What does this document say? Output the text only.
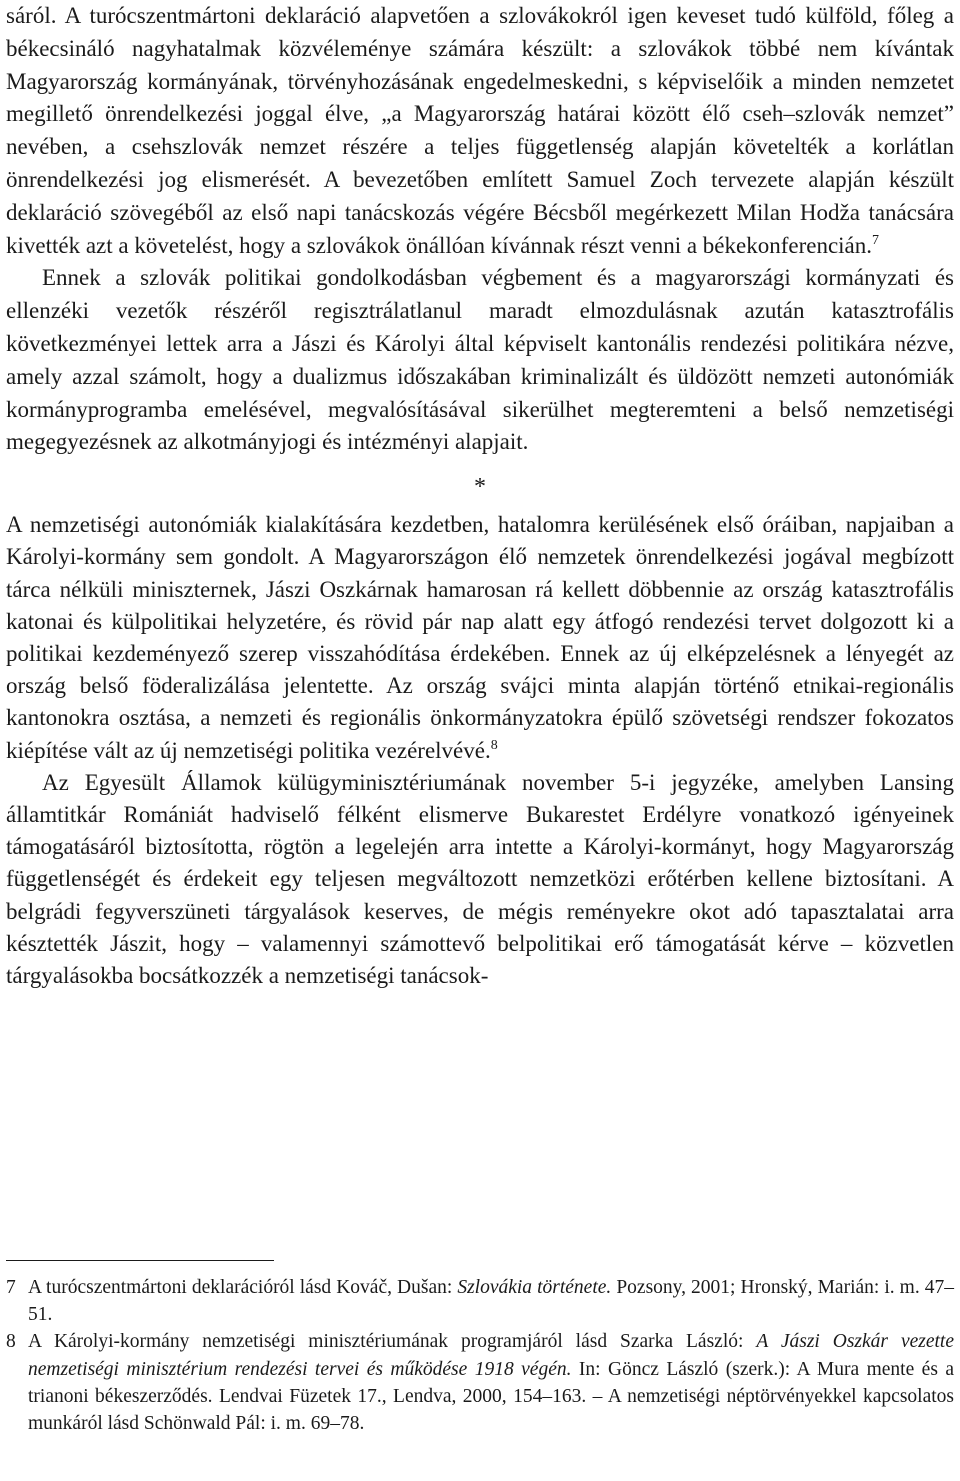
sáról. A turócszentmártoni deklaráció alapvetően a szlovákokról igen keveset tudó külföld, főleg a békecsináló nagyhatalmak közvéleménye számára készült: a szlovákok többé nem kívántak Magyarország kormányának, törvényhozásának engedelmeskedni, s képviselőik a minden nemzetet megillető önrendelkezési joggal élve, „a Magyarország határai között élő cseh–szlovák nemzet” nevében, a csehszlovák nemzet részére a teljes függetlenség alapján követelték a korlátlan önrendelkezési jog elismerését. A bevezetőben említett Samuel Zoch tervezete alapján készült deklaráció szövegéből az első napi tanácskozás végére Bécsből megérkezett Milan Hodža tanácsára kivették azt a követelést, hogy a szlovákok önállóan kívánnak részt venni a békekonferencián.$^7$

Ennek a szlovák politikai gondolkodásban végbement és a magyarországi kormányzati és ellenzéki vezetők részéről regisztrálatlanul maradt elmozdulásnak azután katasztrofális következményei lettek arra a Jászi és Károlyi által képviselt kantonális rendezési politikára nézve, amely azzal számolt, hogy a dualizmus időszakában kriminalizált és üldözött nemzeti autonómiák kormányprogramba emelésével, megvalósításával sikerülhet megteremteni a belső nemzetiségi megegyezésnek az alkotmányjogi és intézményi alapjait.

*

A nemzetiségi autonómiák kialakítására kezdetben, hatalomra kerülésének első óráiban, napjaiban a Károlyi-kormány sem gondolt. A Magyarországon élő nemzetek önrendelkezési jogával megbízott tárca nélküli miniszternek, Jászi Oszkárnak hamarosan rá kellett döbbennie az ország katasztrofális katonai és külpolitikai helyzetére, és rövid pár nap alatt egy átfogó rendezési tervet dolgozott ki a politikai kezdeményező szerep visszahódítása érdekében. Ennek az új elképzelésnek a lényegét az ország belső föderalizálása jelentette. Az ország svájci minta alapján történő etnikai-regionális kantonokra osztása, a nemzeti és regionális önkormányzatokra épülő szövetségi rendszer fokozatos kiépítése vált az új nemzetiségi politika vezérelvévé.$^8$

Az Egyesült Államok külügyminisztériumának november 5-i jegyzéke, amelyben Lansing államtitkár Romániát hadviselő félként elismerve Bukarestet Erdélyre vonatkozó igényeinek támogatásáról biztosította, rögtön a legelején arra intette a Károlyi-kormányt, hogy Magyarország függetlenségét és érdekeit egy teljesen megváltozott nemzetközi erőtérben kellene biztosítani. A belgrádi fegyverszüneti tárgyalások keserves, de mégis reményekre okot adó tapasztalatai arra késztették Jászit, hogy – valamennyi számottevő belpolitikai erő támogatását kérve – közvetlen tárgyalásokba bocsátkozzék a nemzetiségi tanácsok-

7 A turócszentmártoni deklarációról lásd Kováč, Dušan: Szlovákia története. Pozsony, 2001; Hronský, Marián: i. m. 47–51.
8 A Károlyi-kormány nemzetiségi minisztériumának programjáról lásd Szarka László: A Jászi Oszkár vezette nemzetiségi minisztérium rendezési tervei és működése 1918 végén. In: Göncz László (szerk.): A Mura mente és a trianoni békeszerződés. Lendvai Füzetek 17., Lendva, 2000, 154–163. – A nemzetiségi néptörvényekkel kapcsolatos munkáról lásd Schönwald Pál: i. m. 69–78.
